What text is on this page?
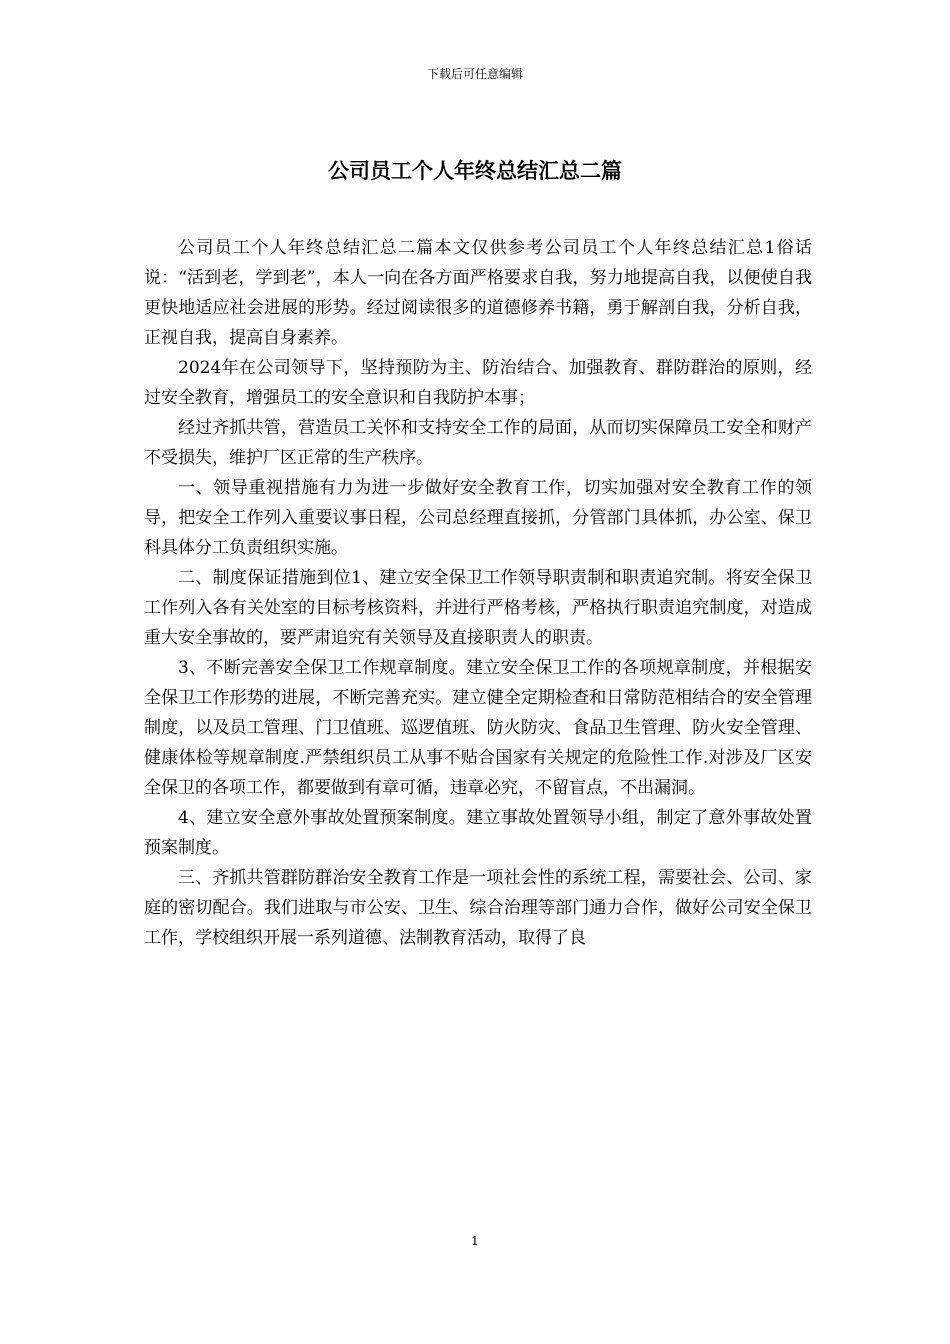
下载后可任意编辑
公司员工个人年终总结汇总二篇

公司员工个人年终总结汇总二篇本文仅供参考公司员工个人年终总结汇总1俗话说：“活到老，学到老”，本人一向在各方面严格要求自我，努力地提高自我，以便使自我更快地适应社会进展的形势。经过阅读很多的道德修养书籍，勇于解剖自我，分析自我，正视自我，提高自身素养。

2024年在公司领导下，坚持预防为主、防治结合、加强教育、群防群治的原则，经过安全教育，增强员工的安全意识和自我防护本事；

经过齐抓共管，营造员工关怀和支持安全工作的局面，从而切实保障员工安全和财产不受损失，维护厂区正常的生产秩序。

一、领导重视措施有力为进一步做好安全教育工作，切实加强对安全教育工作的领导，把安全工作列入重要议事日程，公司总经理直接抓，分管部门具体抓，办公室、保卫科具体分工负责组织实施。

二、制度保证措施到位1、建立安全保卫工作领导职责制和职责追究制。将安全保卫工作列入各有关处室的目标考核资料，并进行严格考核，严格执行职责追究制度，对造成重大安全事故的，要严肃追究有关领导及直接职责人的职责。

3、不断完善安全保卫工作规章制度。建立安全保卫工作的各项规章制度，并根据安全保卫工作形势的进展，不断完善充实。建立健全定期检查和日常防范相结合的安全管理制度，以及员工管理、门卫值班、巡逻值班、防火防灾、食品卫生管理、防火安全管理、健康体检等规章制度.严禁组织员工从事不贴合国家有关规定的危险性工作.对涉及厂区安全保卫的各项工作，都要做到有章可循，违章必究，不留盲点，不出漏洞。

4、建立安全意外事故处置预案制度。建立事故处置领导小组，制定了意外事故处置预案制度。

三、齐抓共管群防群治安全教育工作是一项社会性的系统工程，需要社会、公司、家庭的密切配合。我们进取与市公安、卫生、综合治理等部门通力合作，做好公司安全保卫工作，学校组织开展一系列道德、法制教育活动，取得了良

1
